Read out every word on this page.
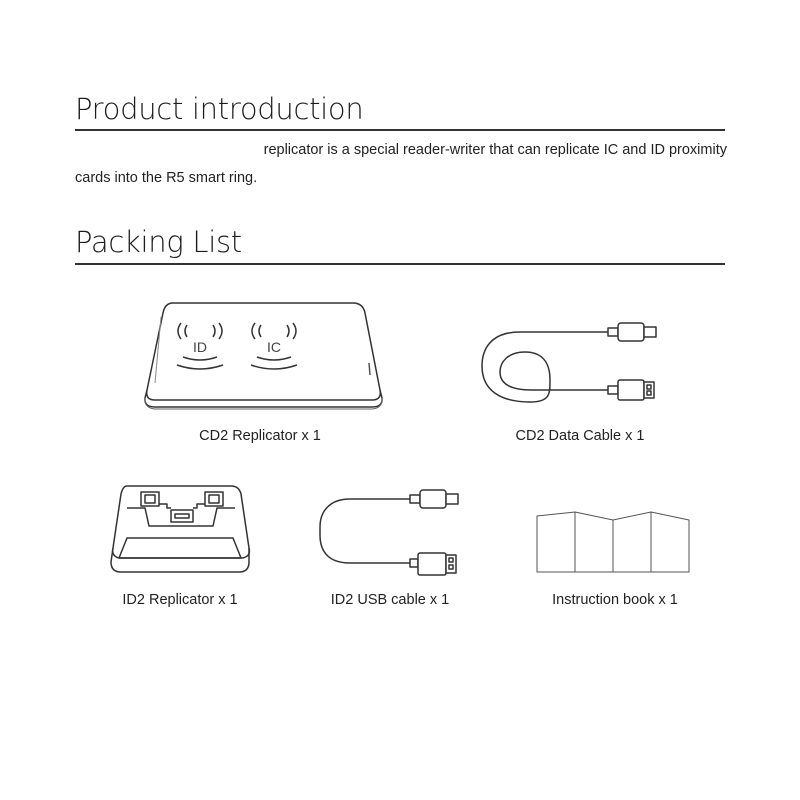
Product introduction
replicator is a special reader-writer that can replicate IC and ID proximity
cards into the R5 smart ring.
Packing List
ID	IC
CD2 Replicator x 1	CD2 Data Cable x 1
ID2 Replicator x 1	ID2 USB cable x 1	Instruction book x 1
